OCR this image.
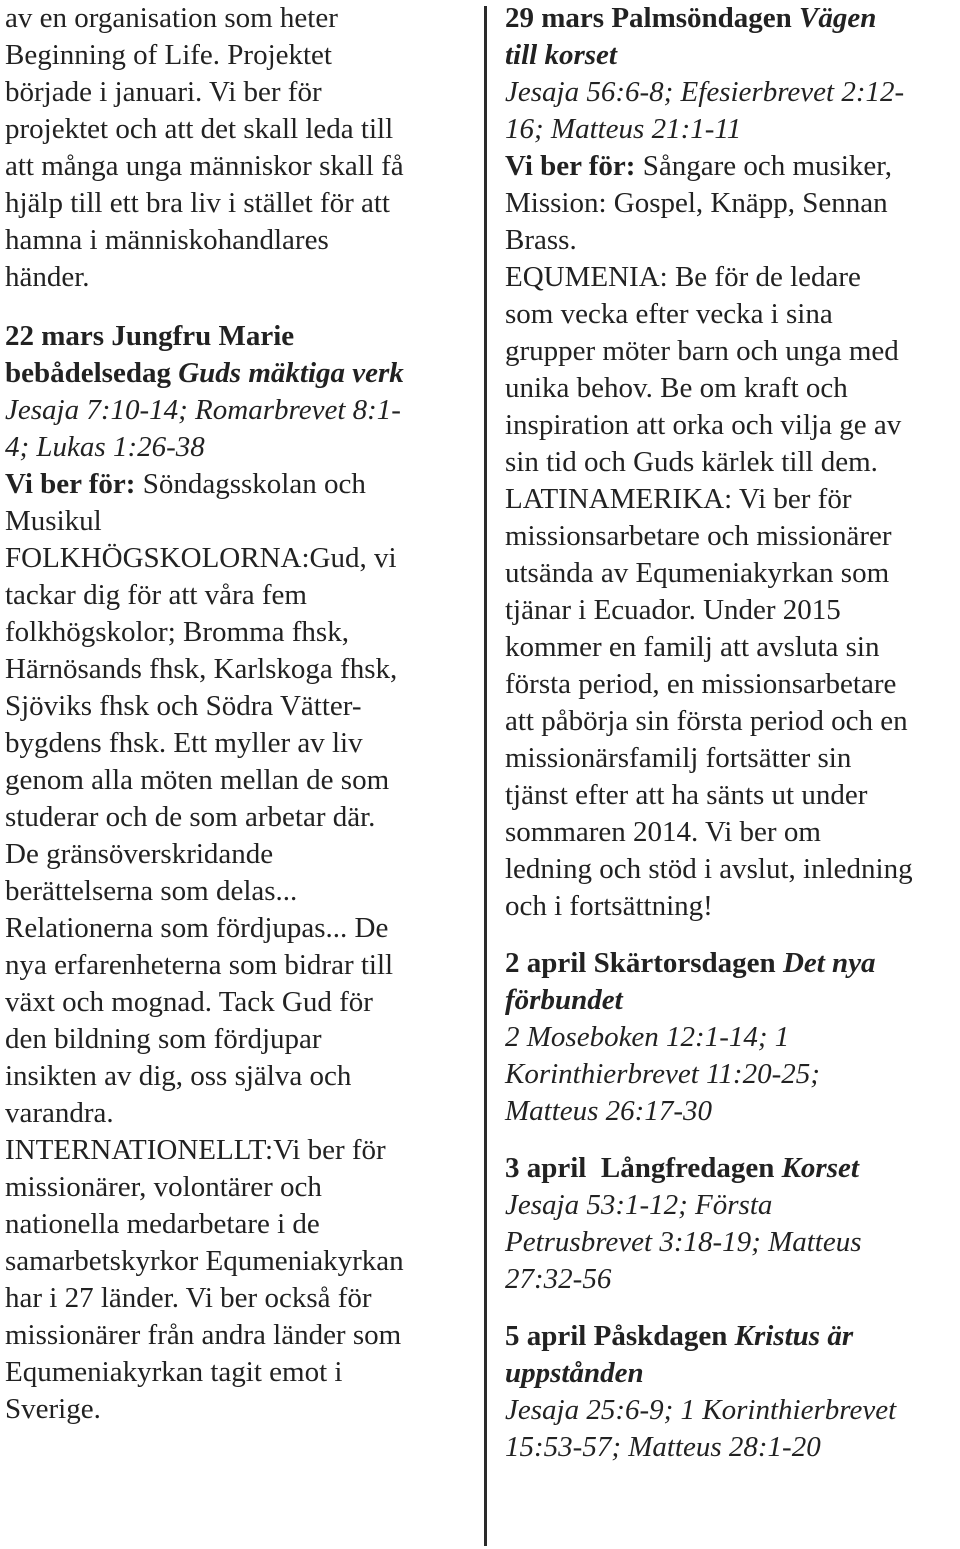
av en organisation som heter
Beginning of Life. Projektet
började i januari. Vi ber för
projektet och att det skall leda till
att många unga människor skall få
hjälp till ett bra liv i stället för att
hamna i människohandlares
händer.
22 mars Jungfru Marie
bebådelsedag Guds mäktiga verk
Jesaja 7:10-14; Romarbrevet 8:1-
4; Lukas 1:26-38
Vi ber för: Söndagsskolan och
Musikul
FOLKHÖGSKOLORNA:Gud, vi
tackar dig för att våra fem
folkhögskolor; Bromma fhsk,
Härnösands fhsk, Karlskoga fhsk,
Sjöviks fhsk och Södra Vätter-
bygdens fhsk. Ett myller av liv
genom alla möten mellan de som
studerar och de som arbetar där.
De gränsöverskridande
berättelserna som delas...
Relationerna som fördjupas... De
nya erfarenheterna som bidrar till
växt och mognad. Tack Gud för
den bildning som fördjupar
insikten av dig, oss själva och
varandra.
INTERNATIONELLT:Vi ber för
missionärer, volontärer och
nationella medarbetare i de
samarbetskyrkor Equmeniakyrkan
har i 27 länder. Vi ber också för
missionärer från andra länder som
Equmeniakyrkan tagit emot i
Sverige.
29 mars Palmsöndagen Vägen
till korset
Jesaja 56:6-8; Efesierbrevet 2:12-
16; Matteus 21:1-11
Vi ber för: Sångare och musiker,
Mission: Gospel, Knäpp, Sennan
Brass.
EQUMENIA: Be för de ledare
som vecka efter vecka i sina
grupper möter barn och unga med
unika behov. Be om kraft och
inspiration att orka och vilja ge av
sin tid och Guds kärlek till dem.
LATINAMERIKA: Vi ber för
missionsarbetare och missionärer
utsända av Equmeniakyrkan som
tjänar i Ecuador. Under 2015
kommer en familj att avsluta sin
första period, en missionsarbetare
att påbörja sin första period och en
missionärsfamilj fortsätter sin
tjänst efter att ha sänts ut under
sommaren 2014. Vi ber om
ledning och stöd i avslut, inledning
och i fortsättning!
2 april Skärtorsdagen Det nya
förbundet
2 Moseboken 12:1-14; 1
Korinthierbrevet 11:20-25;
Matteus 26:17-30
3 april  Långfredagen Korset
Jesaja 53:1-12; Första
Petrusbrevet 3:18-19; Matteus
27:32-56
5 april Påskdagen Kristus är
uppstånden
Jesaja 25:6-9; 1 Korinthierbrevet
15:53-57; Matteus 28:1-20
